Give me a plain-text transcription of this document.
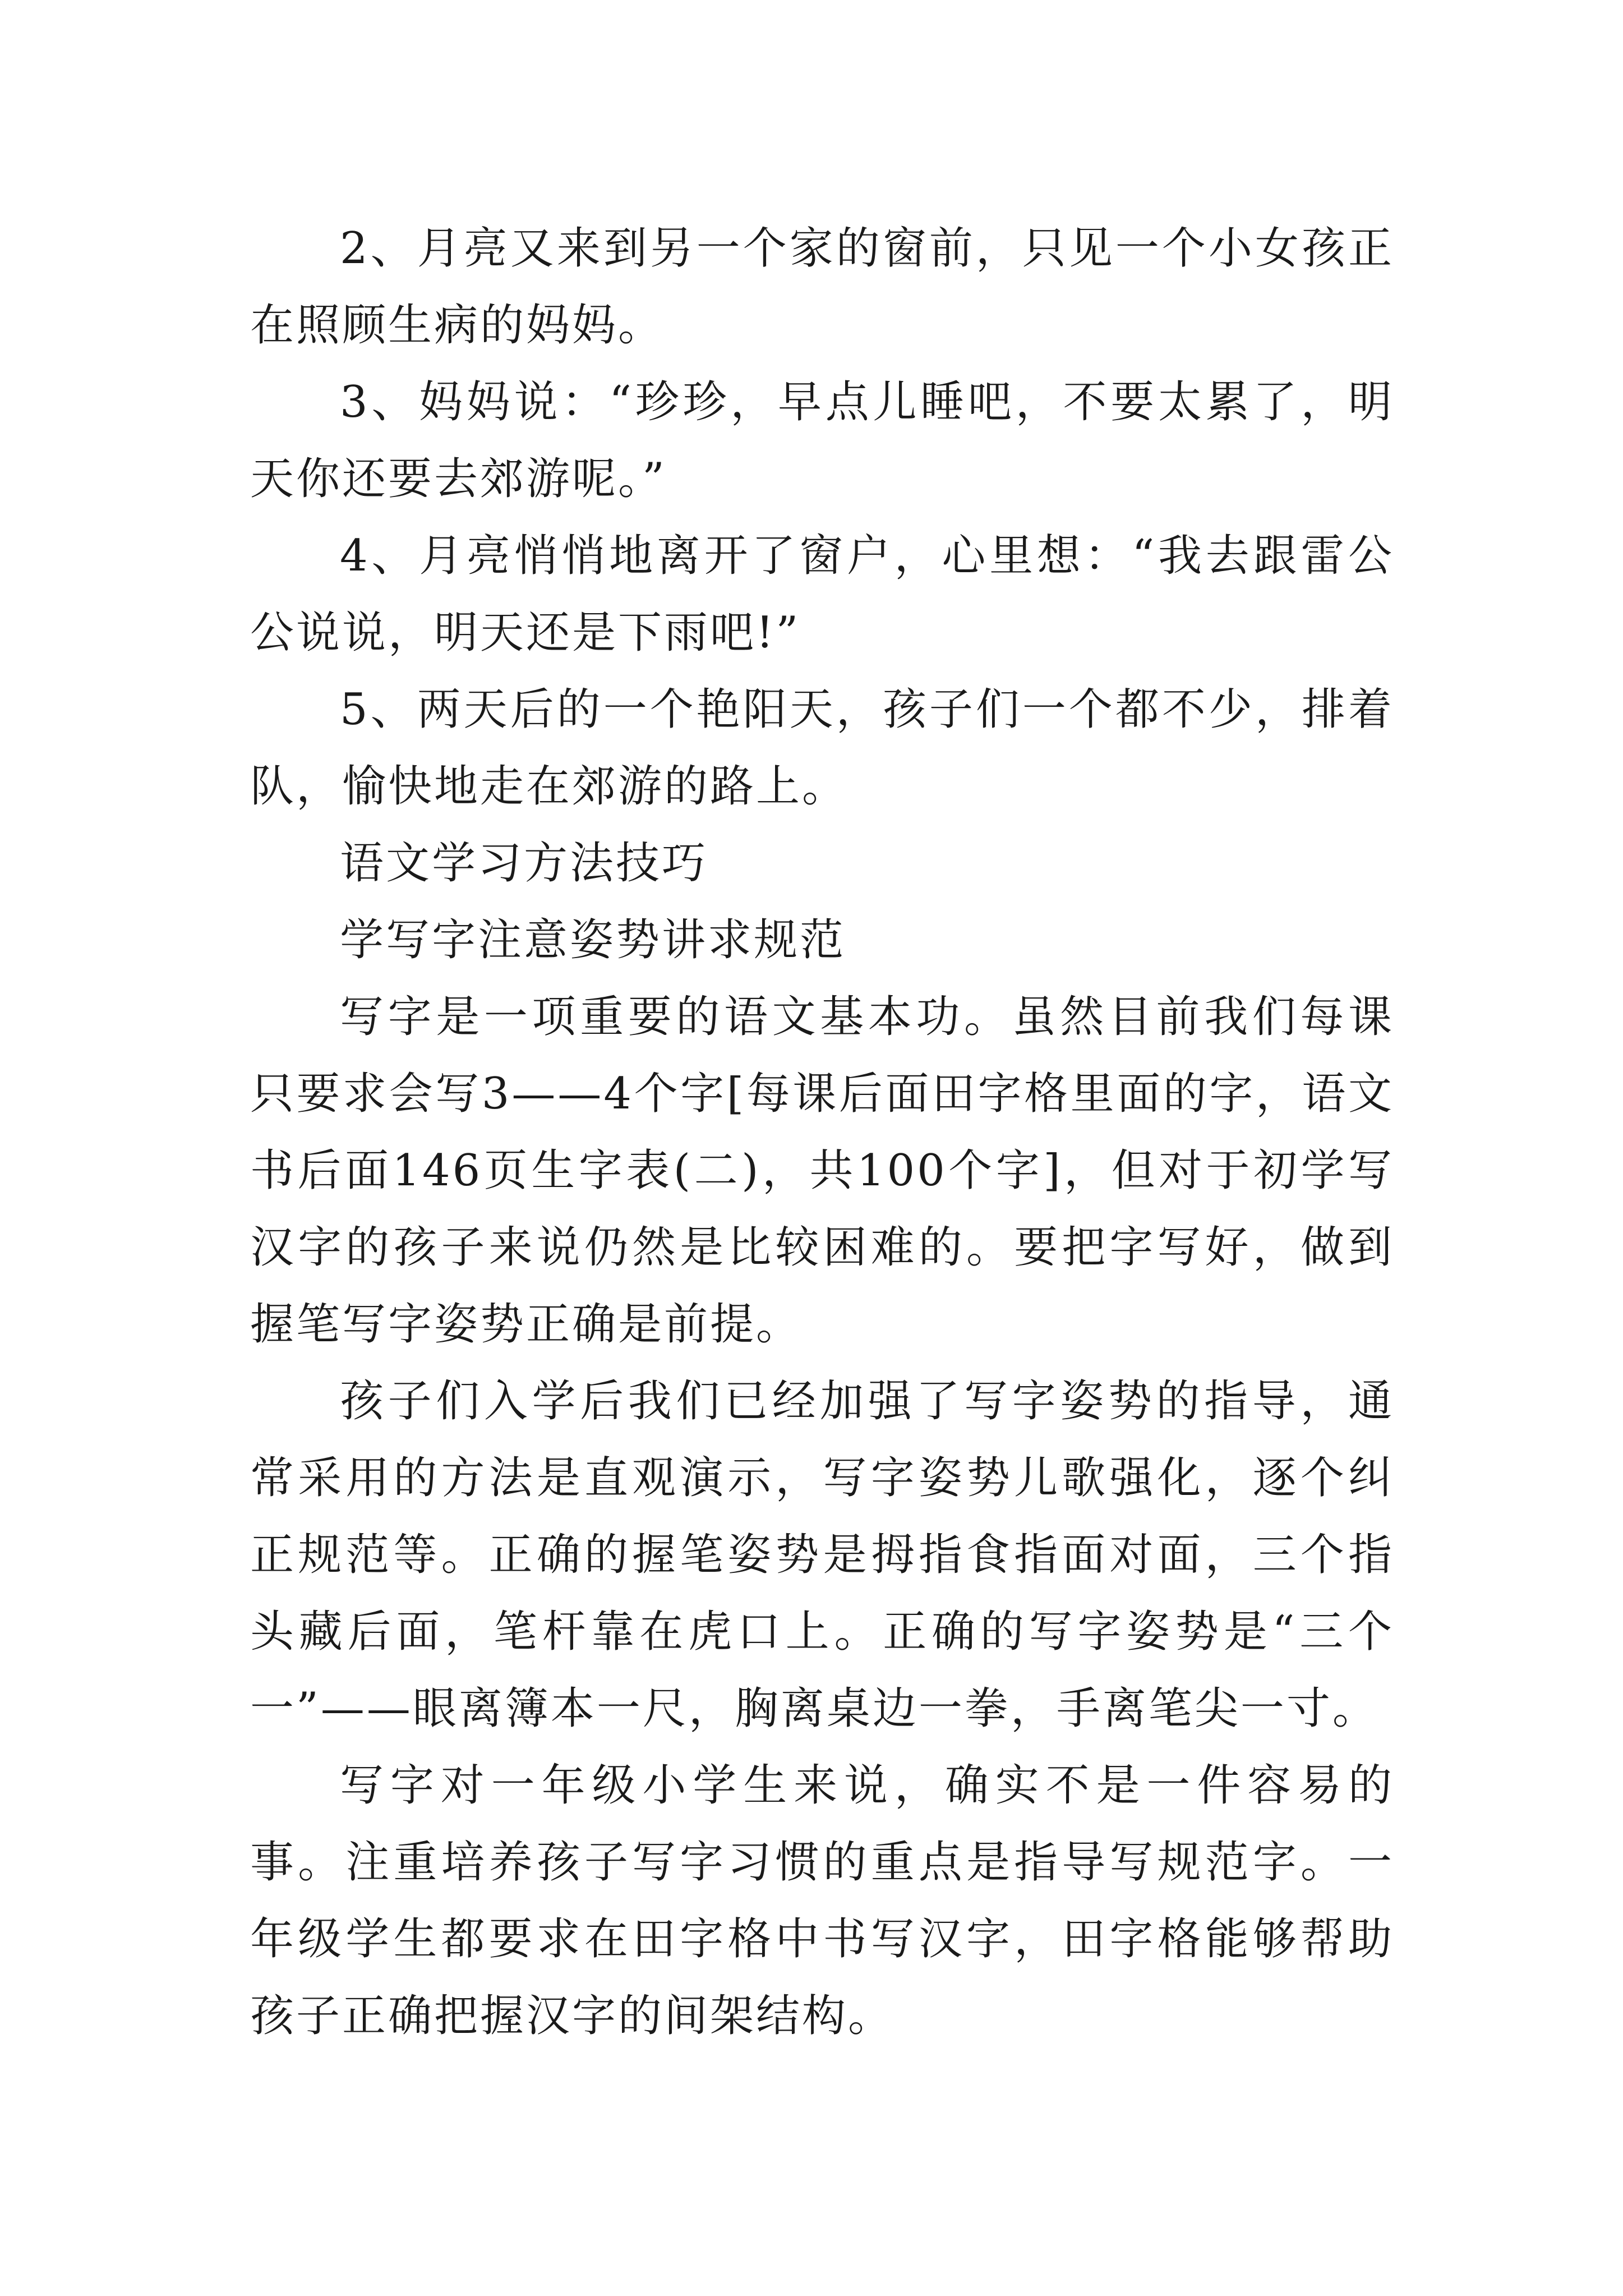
2、月亮又来到另一个家的窗前，只见一个小女孩正在照顾生病的妈妈。

3、妈妈说：“珍珍，早点儿睡吧，不要太累了，明天你还要去郊游呢。”

4、月亮悄悄地离开了窗户，心里想：“我去跟雷公公说说，明天还是下雨吧!”

5、两天后的一个艳阳天，孩子们一个都不少，排着队，愉快地走在郊游的路上。

语文学习方法技巧

学写字注意姿势讲求规范

写字是一项重要的语文基本功。虽然目前我们每课只要求会写3——4个字[每课后面田字格里面的字，语文书后面146页生字表(二)，共100个字]，但对于初学写汉字的孩子来说仍然是比较困难的。要把字写好，做到握笔写字姿势正确是前提。

孩子们入学后我们已经加强了写字姿势的指导，通常采用的方法是直观演示，写字姿势儿歌强化，逐个纠正规范等。正确的握笔姿势是拇指食指面对面，三个指头藏后面，笔杆靠在虎口上。正确的写字姿势是“三个一”——眼离簿本一尺，胸离桌边一拳，手离笔尖一寸。

写字对一年级小学生来说，确实不是一件容易的事。注重培养孩子写字习惯的重点是指导写规范字。一年级学生都要求在田字格中书写汉字，田字格能够帮助孩子正确把握汉字的间架结构。
